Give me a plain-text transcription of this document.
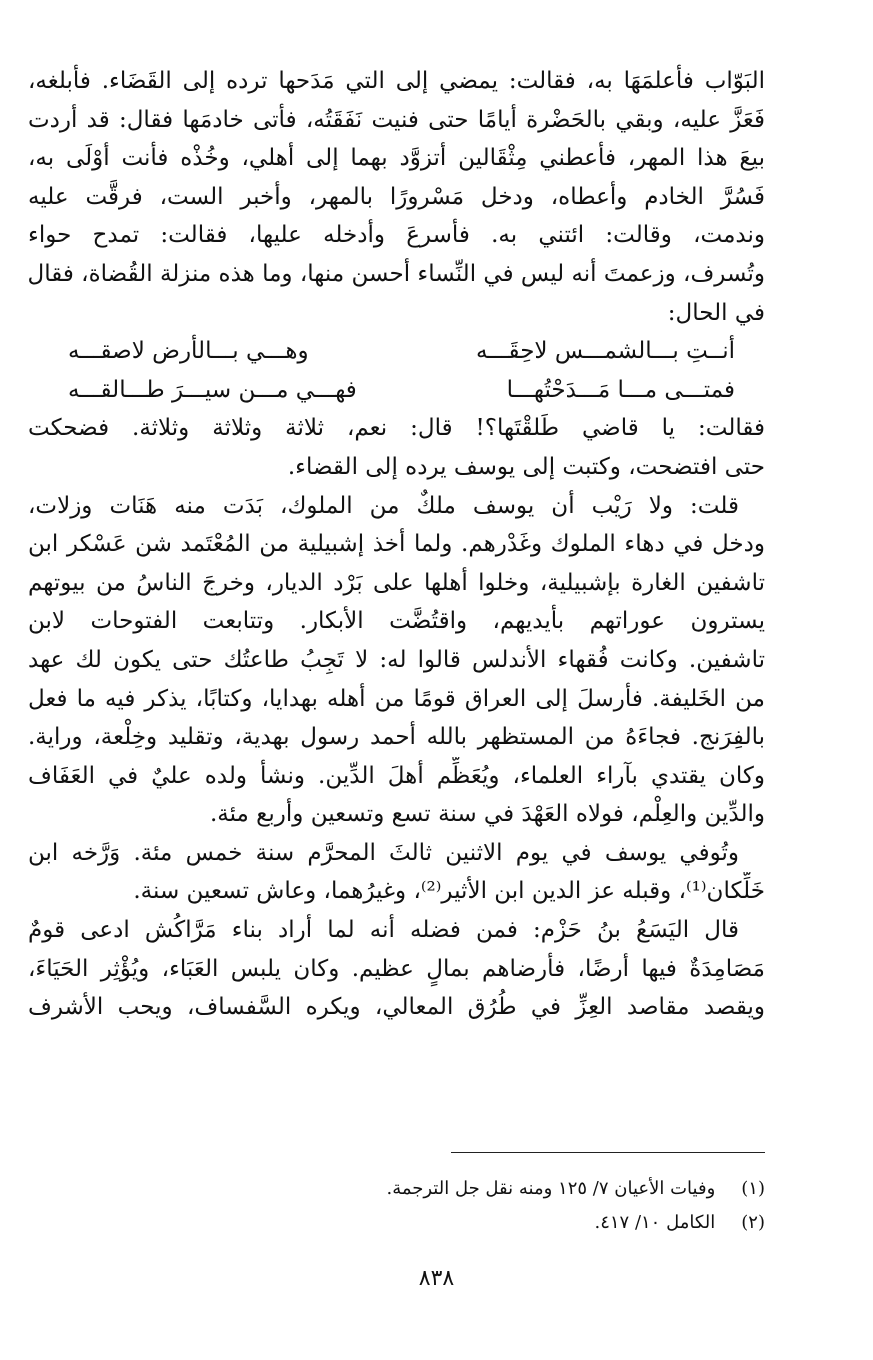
البَوّاب فأعلمَهَا به، فقالت: يمضي إلى التي مَدَحها ترده إلى القَضَاء. فأبلغه،
فَعَزَّ عليه، وبقي بالحَضْرة أيامًا حتى فنيت نَفَقَتُه، فأتى خادمَها فقال: قد أردت
بيعَ هذا المهر، فأعطني مِثْقَالين أتزوَّد بهما إلى أهلي، وخُذْه فأنت أوْلَى به،
فَسُرَّ الخادم وأعطاه، ودخل مَسْرورًا بالمهر، وأخبر الست، فرقَّت عليه
وندمت، وقالت: ائتني به. فأسرعَ وأدخله عليها، فقالت: تمدح حواء
وتُسرف، وزعمتَ أنه ليس في النِّساء أحسن منها، وما هذه منزلة القُضاة، فقال
في الحال:
أنــتِ بـــالشمـــس لاحِقَـــه
وهـــي بـــالأرض لاصقـــه
فمتـــى مـــا مَـــدَحْتُهـــا
فهـــي مـــن سيـــرَ طـــالقـــه
فقالت: يا قاضي طَلقْتَها؟! قال: نعم، ثلاثة وثلاثة وثلاثة. فضحكت
حتى افتضحت، وكتبت إلى يوسف يرده إلى القضاء.
قلت: ولا رَيْب أن يوسف ملكٌ من الملوك، بَدَت منه هَنَات وزلات،
ودخل في دهاء الملوك وغَدْرهم. ولما أخذ إشبيلية من المُعْتَمد شن عَسْكر ابن
تاشفين الغارة بإشبيلية، وخلوا أهلها على بَرْد الديار، وخرجَ الناسُ من بيوتهم
يسترون عوراتهم بأيديهم، واقتُضَّت الأبكار. وتتابعت الفتوحات لابن
تاشفين. وكانت فُقهاء الأندلس قالوا له: لا تَجِبُ طاعتُك حتى يكون لك عهد
من الخَليفة. فأرسلَ إلى العراق قومًا من أهله بهدايا، وكتابًا، يذكر فيه ما فعل
بالفِرَنج. فجاءَهُ من المستظهر بالله أحمد رسول بهدية، وتقليد وخِلْعة، وراية.
وكان يقتدي بآراء العلماء، ويُعَظِّم أهلَ الدِّين. ونشأ ولده عليٌ في العَفَاف
والدِّين والعِلْم، فولاه العَهْدَ في سنة تسع وتسعين وأربع مئة.
وتُوفي يوسف في يوم الاثنين ثالثَ المحرَّم سنة خمس مئة. وَرَّخه ابن
خَلِّكان⁽¹⁾، وقبله عز الدين ابن الأثير⁽²⁾، وغيرُهما، وعاش تسعين سنة.
قال اليَسَعُ بنُ حَزْم: فمن فضله أنه لما أراد بناء مَرَّاكُش ادعى قومٌ
مَصَامِدَةٌ فيها أرضًا، فأرضاهم بمالٍ عظيم. وكان يلبس العَبَاء، ويُؤْثِر الحَيَاءَ،
ويقصد مقاصد العِزِّ في طُرُق المعالي، ويكره السَّفساف، ويحب الأشرف
(١) وفيات الأعيان ٧/ ١٢٥ ومنه نقل جل الترجمة.
(٢) الكامل ١٠/ ٤١٧.
٨٣٨
